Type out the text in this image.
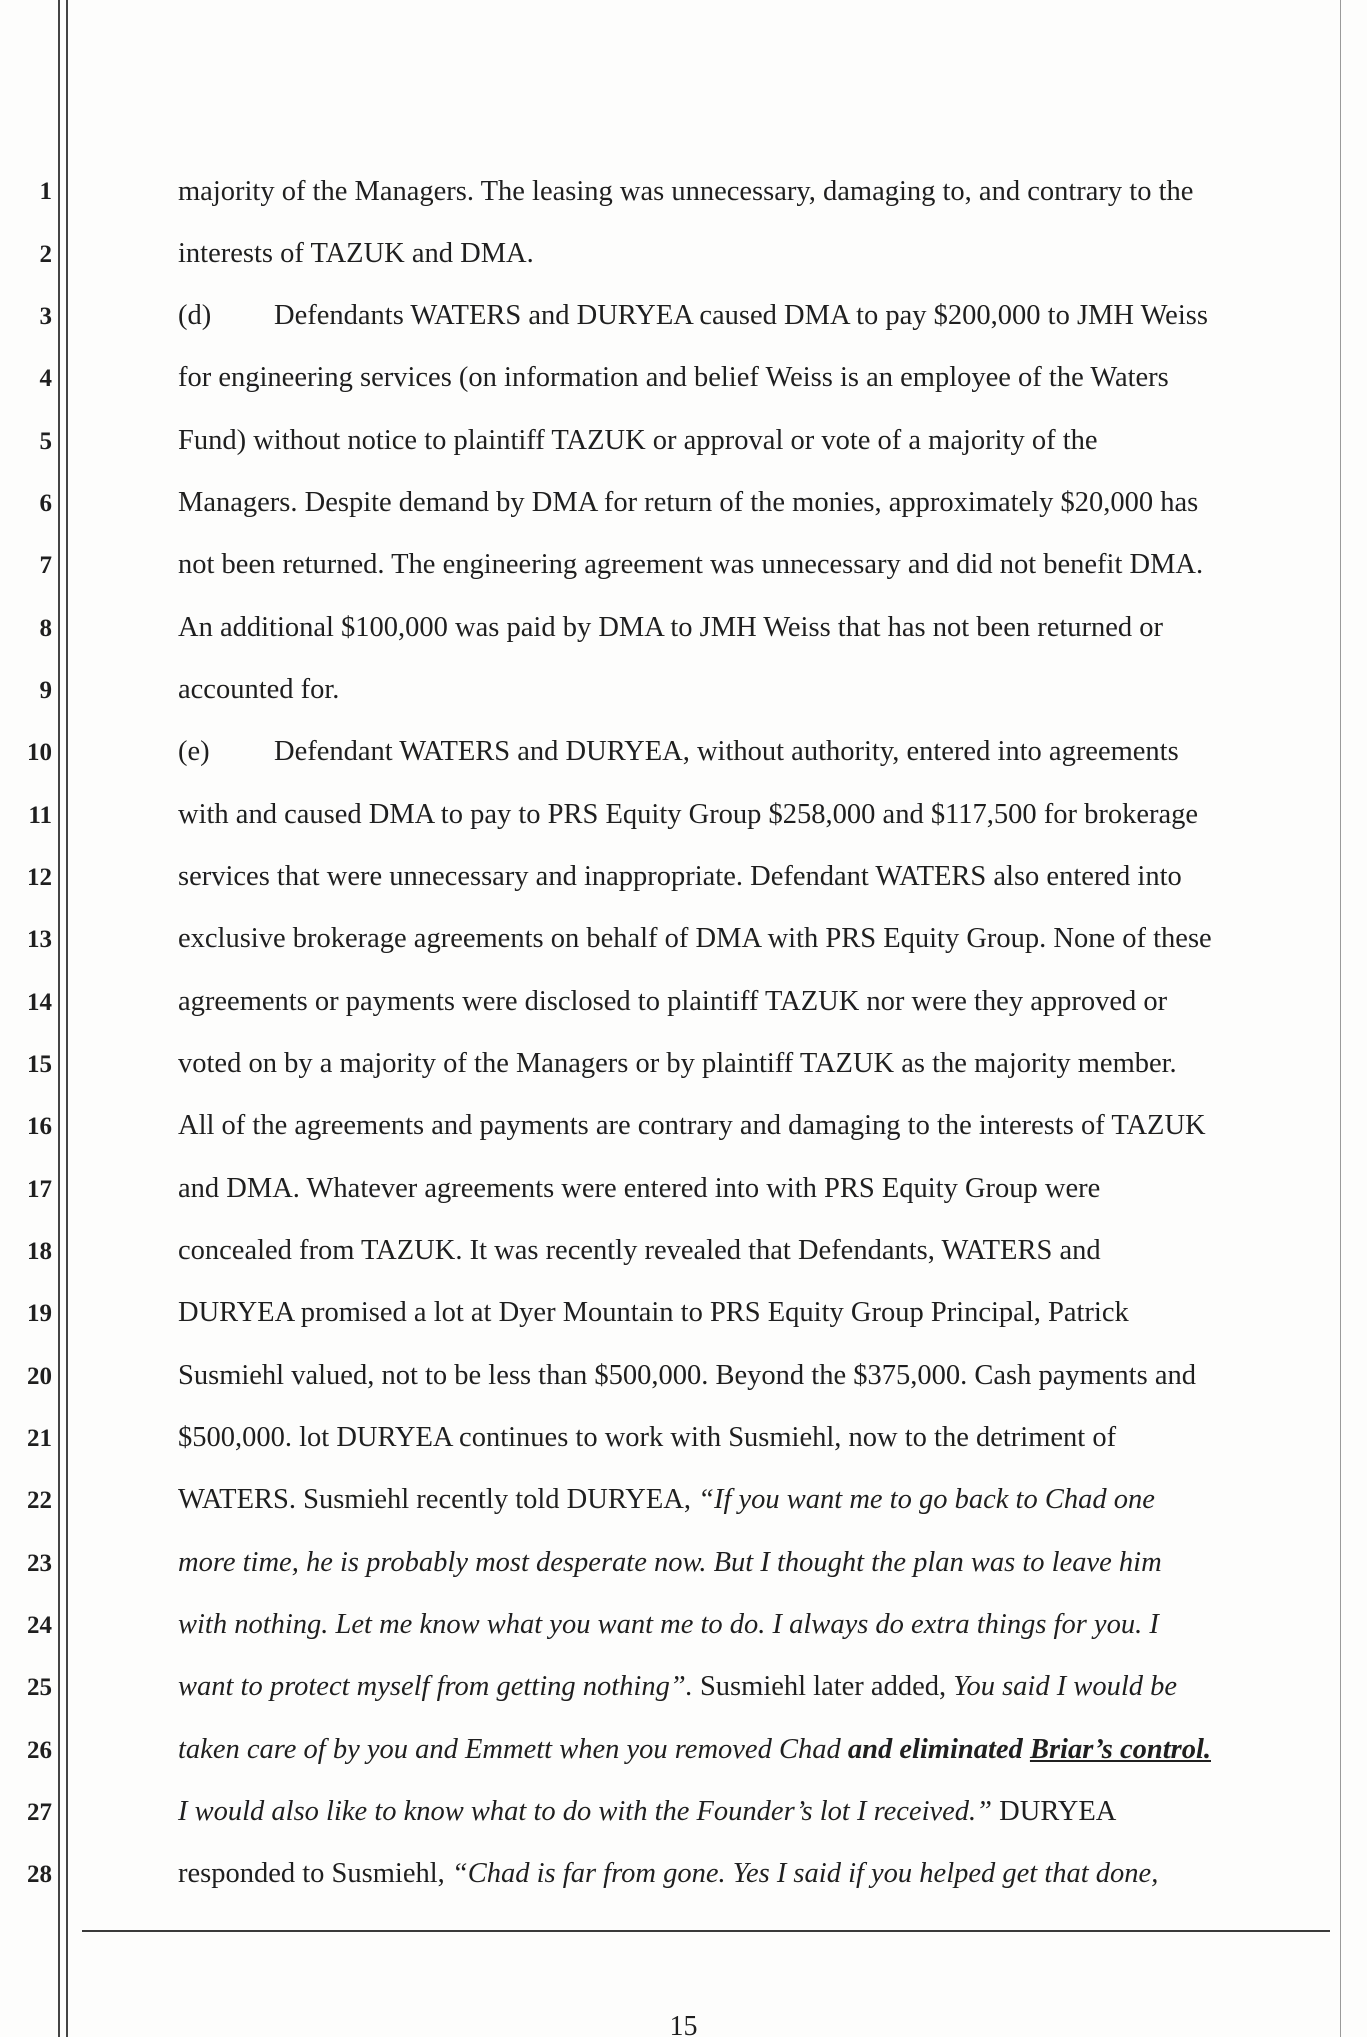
1
2
3
4
5
6
7
8
9
10
11
12
13
14
15
16
17
18
19
20
21
22
23
24
25
26
27
28
majority of the Managers. The leasing was unnecessary, damaging to, and contrary to the
interests of TAZUK and DMA.
(d) Defendants WATERS and DURYEA caused DMA to pay $200,000 to JMH Weiss
for engineering services (on information and belief Weiss is an employee of the Waters
Fund) without notice to plaintiff TAZUK or approval or vote of a majority of the
Managers. Despite demand by DMA for return of the monies, approximately $20,000 has
not been returned. The engineering agreement was unnecessary and did not benefit DMA.
An additional $100,000 was paid by DMA to JMH Weiss that has not been returned or
accounted for.
(e) Defendant WATERS and DURYEA, without authority, entered into agreements
with and caused DMA to pay to PRS Equity Group $258,000 and $117,500 for brokerage
services that were unnecessary and inappropriate. Defendant WATERS also entered into
exclusive brokerage agreements on behalf of DMA with PRS Equity Group. None of these
agreements or payments were disclosed to plaintiff TAZUK nor were they approved or
voted on by a majority of the Managers or by plaintiff TAZUK as the majority member.
All of the agreements and payments are contrary and damaging to the interests of TAZUK
and DMA. Whatever agreements were entered into with PRS Equity Group were
concealed from TAZUK. It was recently revealed that Defendants, WATERS and
DURYEA promised a lot at Dyer Mountain to PRS Equity Group Principal, Patrick
Susmiehl valued, not to be less than $500,000. Beyond the $375,000. Cash payments and
$500,000. lot DURYEA continues to work with Susmiehl, now to the detriment of
WATERS. Susmiehl recently told DURYEA, “If you want me to go back to Chad one
more time, he is probably most desperate now. But I thought the plan was to leave him
with nothing. Let me know what you want me to do. I always do extra things for you. I
want to protect myself from getting nothing”. Susmiehl later added, You said I would be
taken care of by you and Emmett when you removed Chad and eliminated Briar’s control.
I would also like to know what to do with the Founder’s lot I received.” DURYEA
responded to Susmiehl, “Chad is far from gone. Yes I said if you helped get that done,
15
